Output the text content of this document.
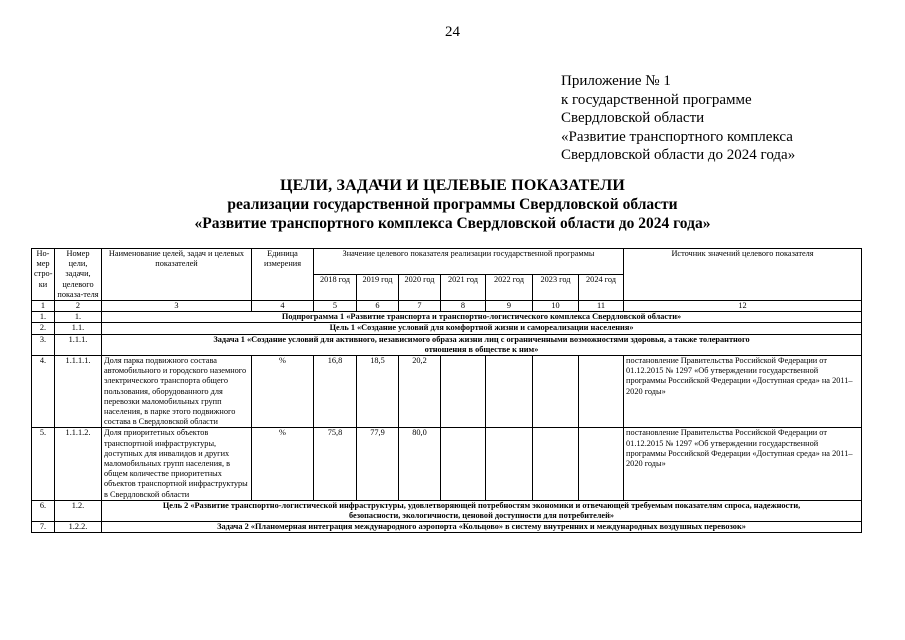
24
Приложение № 1
к государственной программе
Свердловской области
«Развитие транспортного комплекса
Свердловской области до 2024 года»
ЦЕЛИ, ЗАДАЧИ И ЦЕЛЕВЫЕ ПОКАЗАТЕЛИ
реализации государственной программы Свердловской области
«Развитие транспортного комплекса Свердловской области до 2024 года»
Но-мер стро-ки	Номер цели, задачи, целевого показа-теля	Наименование целей, задач и целевых показателей	Единица измерения	Значение целевого показателя реализации государственной программы							Источник значений целевого показателя
				2018 год	2019 год	2020 год	2021 год	2022 год	2023 год	2024 год	
1	2	3	4	5	6	7	8	9	10	11	12
1.	1.	Подпрограмма 1 «Развитие транспорта и транспортно-логистического комплекса Свердловской области»									
2.	1.1.	Цель 1 «Создание условий для комфортной жизни и самореализации населения»									
3.	1.1.1.	Задача 1 «Создание условий для активного, независимого образа жизни лиц с ограниченными возможностями здоровья, а также толерантного отношения в обществе к ним»									
4.	1.1.1.1.	Доля парка подвижного состава автомобильного и городского наземного электрического транспорта общего пользования, оборудованного для перевозки маломобильных групп населения, в парке этого подвижного состава в Свердловской области	%	16,8	18,5	20,2					постановление Правительства Российской Федерации от 01.12.2015 № 1297 «Об утверждении государственной программы Российской Федерации «Доступная среда» на 2011–2020 годы»
5.	1.1.1.2.	Доля приоритетных объектов транспортной инфраструктуры, доступных для инвалидов и других маломобильных групп населения, в общем количестве приоритетных объектов транспортной инфраструктуры в Свердловской области	%	75,8	77,9	80,0					постановление Правительства Российской Федерации от 01.12.2015 № 1297 «Об утверждении государственной программы Российской Федерации «Доступная среда» на 2011–2020 годы»
6.	1.2.	Цель 2 «Развитие транспортно-логистической инфраструктуры, удовлетворяющей потребностям экономики и отвечающей требуемым показателям спроса, надежности, безопасности, экологичности, ценовой доступности для потребителей»									
7.	1.2.2.	Задача 2 «Планомерная интеграция международного аэропорта «Кольцово» в систему внутренних и международных воздушных перевозок»									
